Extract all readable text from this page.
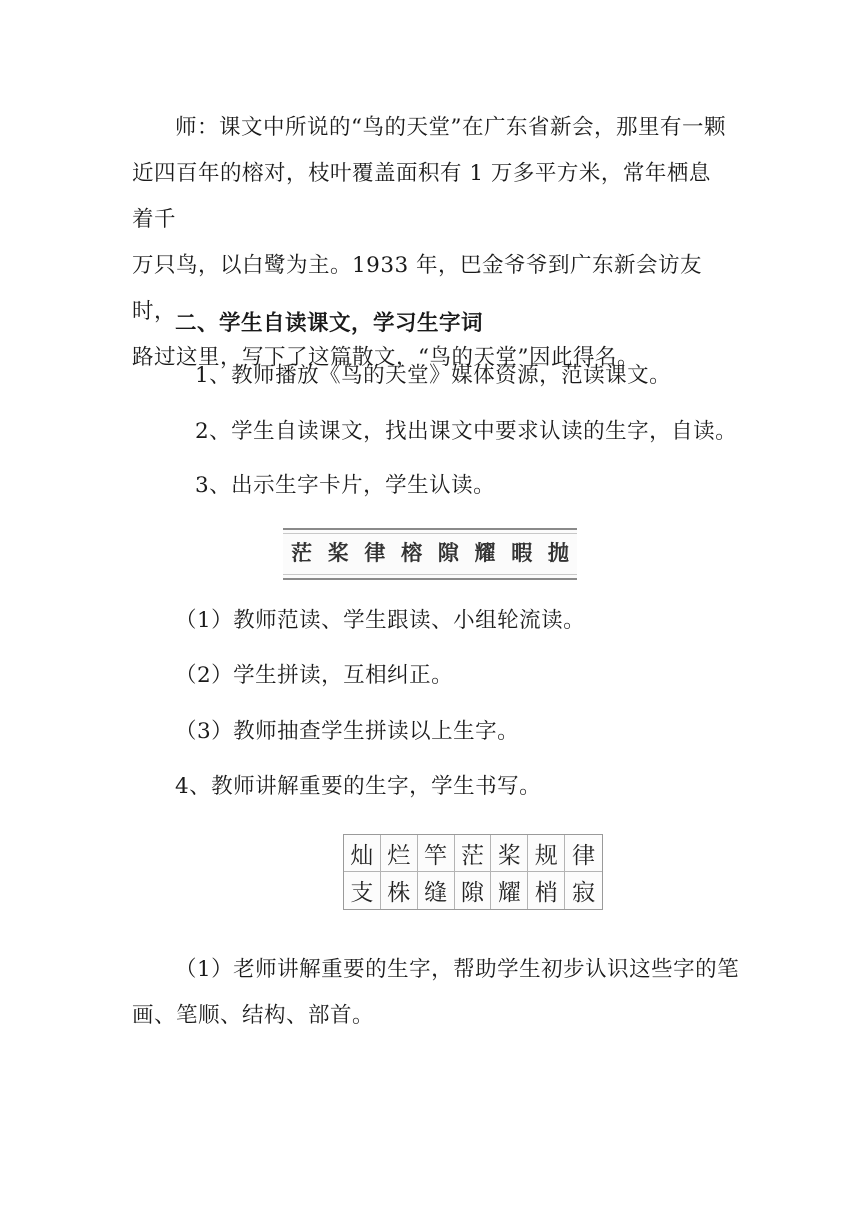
师：课文中所说的“鸟的天堂”在广东省新会，那里有一颗
近四百年的榕对，枝叶覆盖面积有 1 万多平方米，常年栖息着千
万只鸟，以白鹭为主。1933 年，巴金爷爷到广东新会访友时，
路过这里，写下了这篇散文，“鸟的天堂”因此得名。
二、学生自读课文，学习生字词
1、教师播放《鸟的天堂》媒体资源，范读课文。
2、学生自读课文，找出课文中要求认读的生字，自读。
3、出示生字卡片，学生认读。
茫 桨 律 榕 隙 耀 暇 抛
（1）教师范读、学生跟读、小组轮流读。
（2）学生拼读，互相纠正。
（3）教师抽查学生拼读以上生字。
4、教师讲解重要的生字，学生书写。
灿 烂 竿 茫 桨 规 律
支 株 缝 隙 耀 梢 寂
（1）老师讲解重要的生字，帮助学生初步认识这些字的笔
画、笔顺、结构、部首。
